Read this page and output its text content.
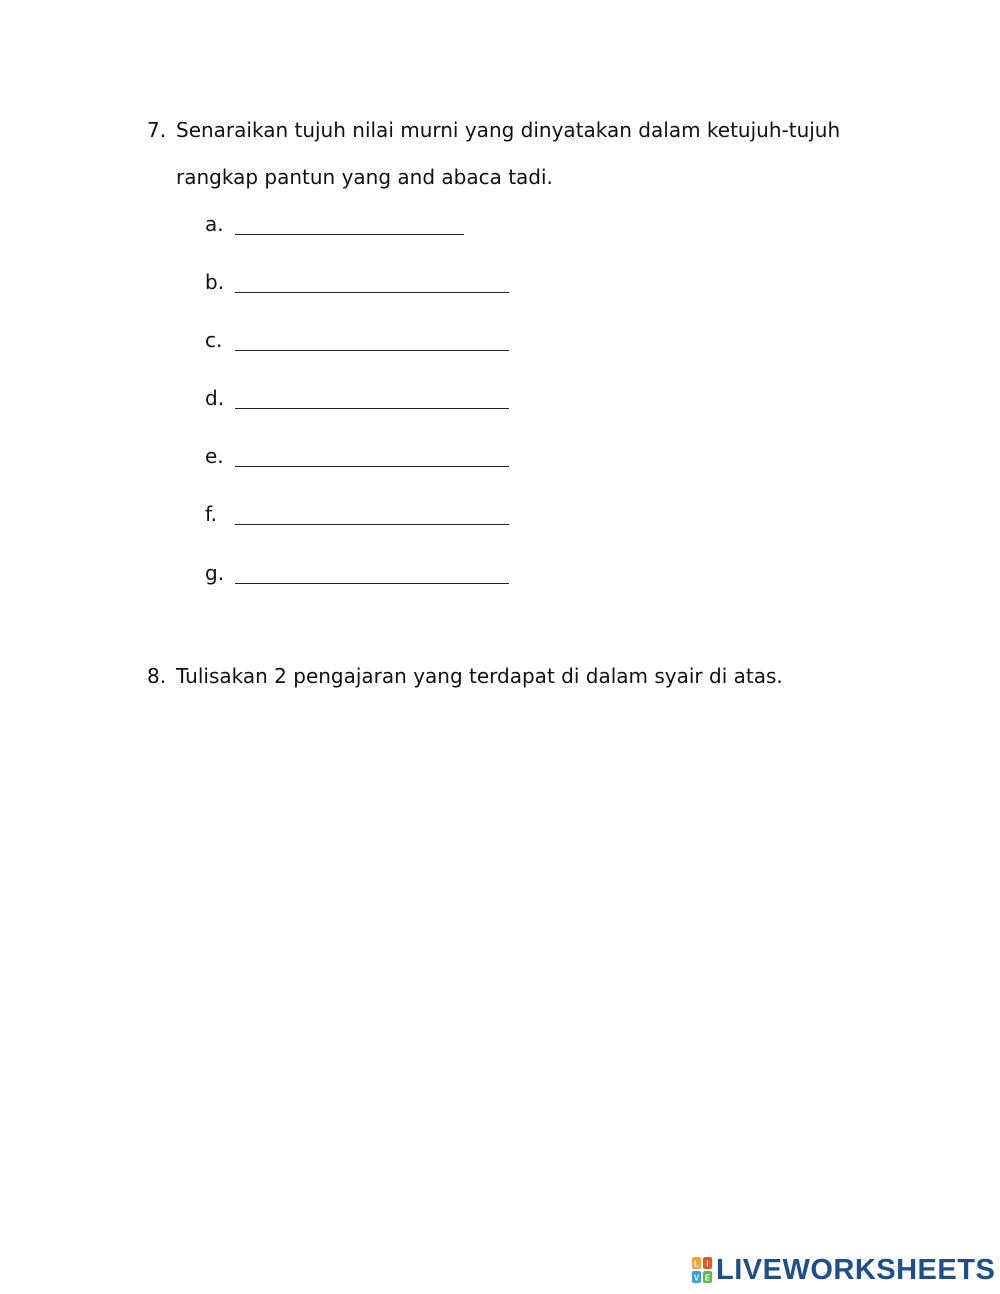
7. Senaraikan tujuh nilai murni yang dinyatakan dalam ketujuh-tujuh
rangkap pantun yang and abaca tadi.
a.
b.
c.
d.
e.
f.
g.
8. Tulisakan 2 pengajaran yang terdapat di dalam syair di atas.
L I
V E LIVEWORKSHEETS
